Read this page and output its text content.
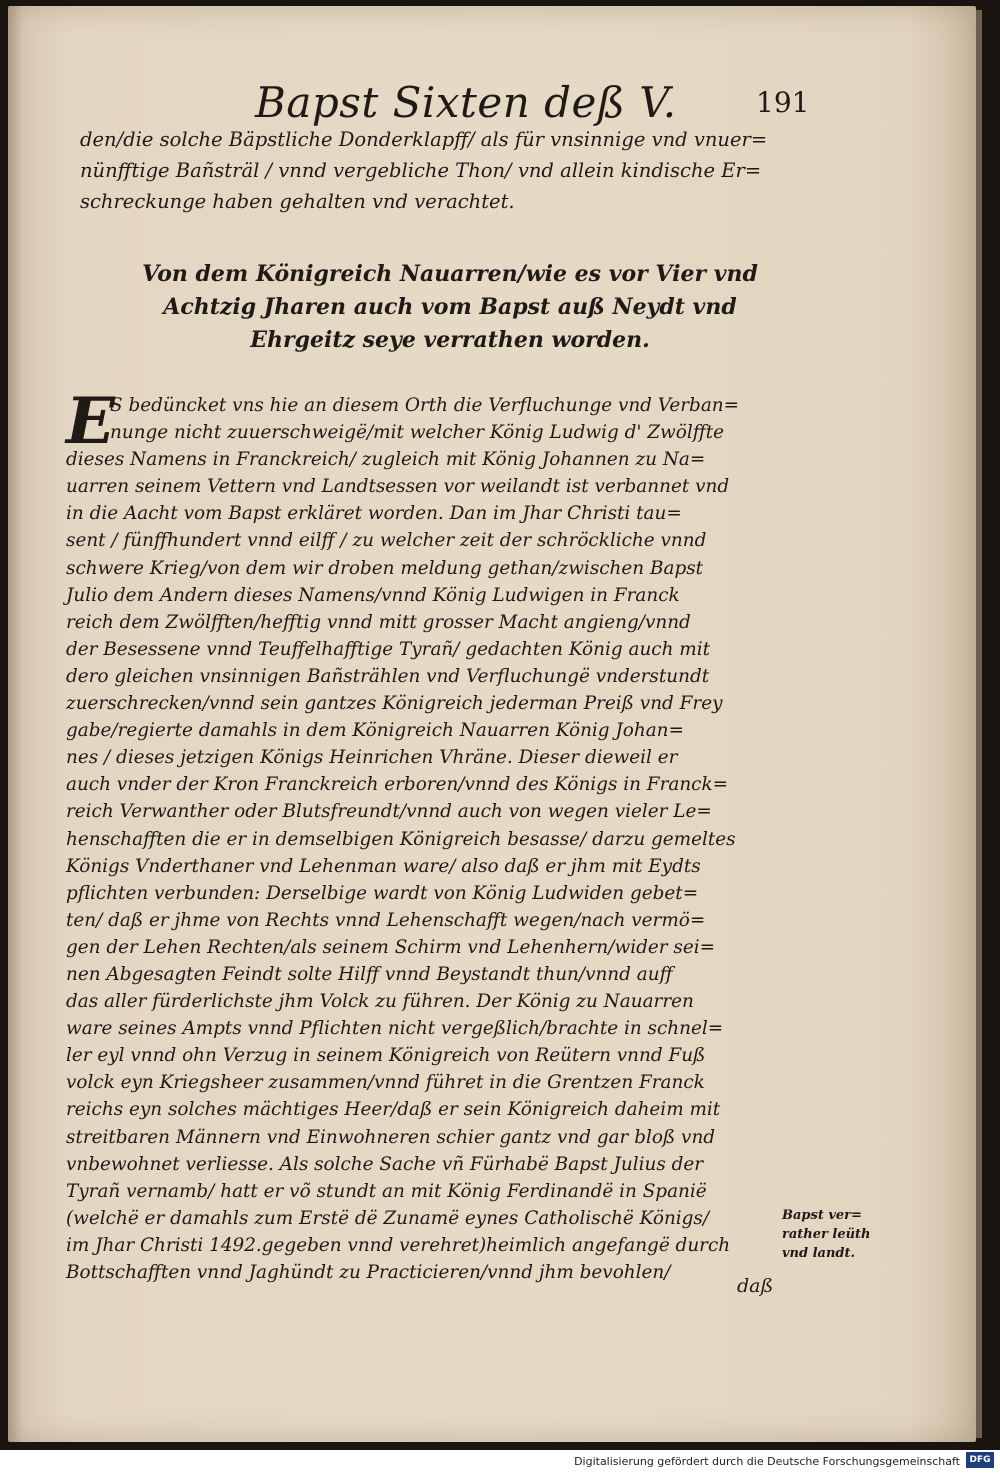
Bapst Sixten deß V.	191
den/die solche Bäpstliche Donderklapff/ als für vnsinnige vnd vnuer=
nünfftige Bañsträl / vnnd vergebliche Thon/ vnd allein kindische Er=
schreckunge haben gehalten vnd verachtet.
Von dem Königreich Nauarren/wie es vor Vier vnd
Achtzig Jharen auch vom Bapst auß Neydt vnd
Ehrgeitz seye verrathen worden.
E
S bedüncket vns hie an diesem Orth die Verfluchunge vnd Verban=
nunge nicht zuuerschweigë/mit welcher König Ludwig d' Zwölffte
dieses Namens in Franckreich/ zugleich mit König Johannen zu Na=
uarren seinem Vettern vnd Landtsessen vor weilandt ist verbannet vnd
in die Aacht vom Bapst erkläret worden. Dan im Jhar Christi tau=
sent / fünffhundert vnnd eilff / zu welcher zeit der schröckliche vnnd
schwere Krieg/von dem wir droben meldung gethan/zwischen Bapst
Julio dem Andern dieses Namens/vnnd König Ludwigen in Franck
reich dem Zwölfften/hefftig vnnd mitt grosser Macht angieng/vnnd
der Besessene vnnd Teuffelhafftige Tyrañ/ gedachten König auch mit
dero gleichen vnsinnigen Bañstrählen vnd Verfluchungë vnderstundt
zuerschrecken/vnnd sein gantzes Königreich jederman Preiß vnd Frey
gabe/regierte damahls in dem Königreich Nauarren König Johan=
nes / dieses jetzigen Königs Heinrichen Vhräne. Dieser dieweil er
auch vnder der Kron Franckreich erboren/vnnd des Königs in Franck=
reich Verwanther oder Blutsfreundt/vnnd auch von wegen vieler Le=
henschafften die er in demselbigen Königreich besasse/ darzu gemeltes
Königs Vnderthaner vnd Lehenman ware/ also daß er jhm mit Eydts
pflichten verbunden: Derselbige wardt von König Ludwiden gebet=
ten/ daß er jhme von Rechts vnnd Lehenschafft wegen/nach vermö=
gen der Lehen Rechten/als seinem Schirm vnd Lehenhern/wider sei=
nen Abgesagten Feindt solte Hilff vnnd Beystandt thun/vnnd auff
das aller fürderlichste jhm Volck zu führen. Der König zu Nauarren
ware seines Ampts vnnd Pflichten nicht vergeßlich/brachte in schnel=
ler eyl vnnd ohn Verzug in seinem Königreich von Reütern vnnd Fuß
volck eyn Kriegsheer zusammen/vnnd führet in die Grentzen Franck
reichs eyn solches mächtiges Heer/daß er sein Königreich daheim mit
streitbaren Männern vnd Einwohneren schier gantz vnd gar bloß vnd
vnbewohnet verliesse. Als solche Sache vñ Fürhabë Bapst Julius der
Tyrañ vernamb/ hatt er võ stundt an mit König Ferdinandë in Spanië
(welchë er damahls zum Erstë dë Zunamë eynes Catholischë Königs/
im Jhar Christi 1492.gegeben vnnd verehret)heimlich angefangë durch
Bottschafften vnnd Jaghündt zu Practicieren/vnnd jhm bevohlen/
Bapst ver=
rather leüth
vnd landt.
daß
Digitalisierung gefördert durch die Deutsche Forschungsgemeinschaft	DFG
